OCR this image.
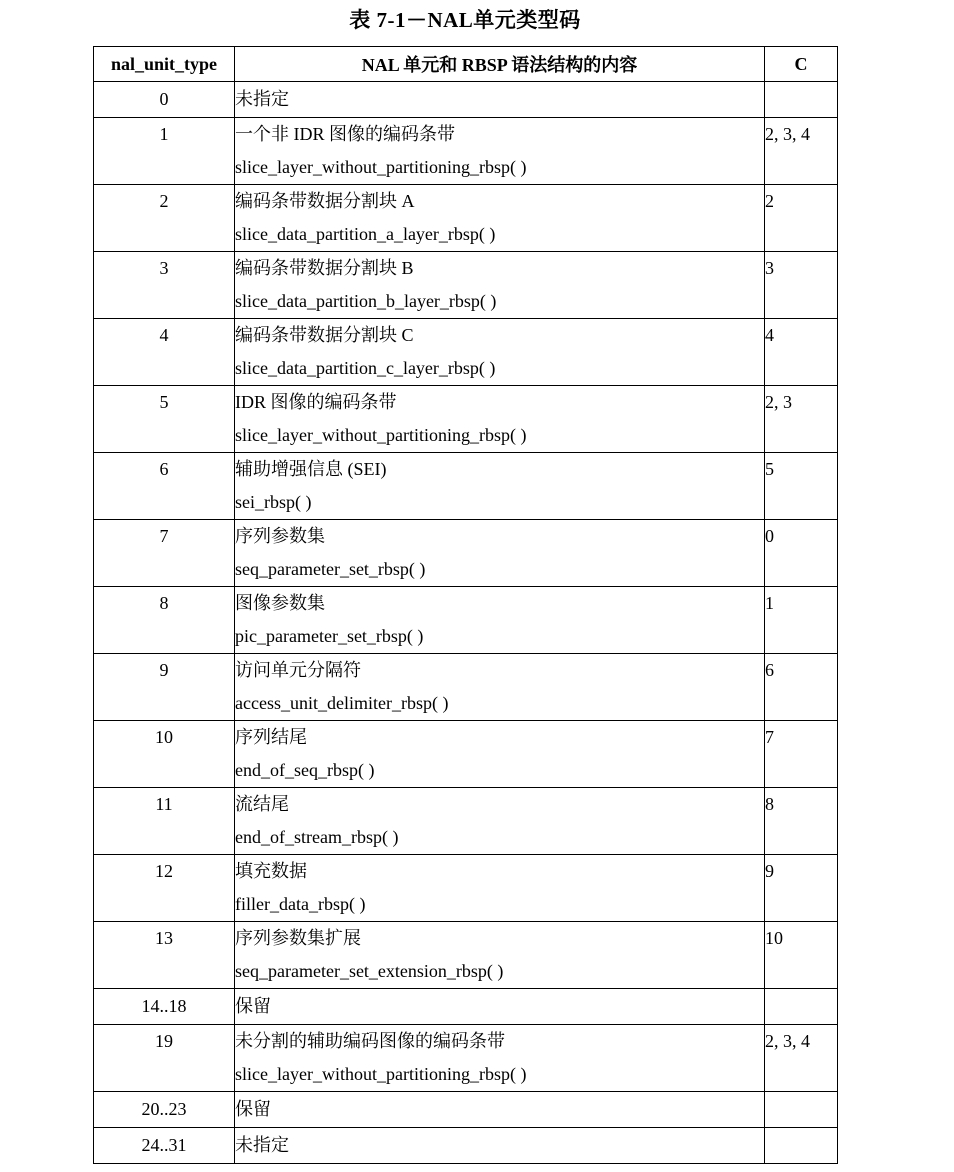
表 7-1－NAL单元类型码
nal_unit_type	NAL 单元和 RBSP 语法结构的内容	C

0	未指定	

1	一个非 IDR 图像的编码条带
slice_layer_without_partitioning_rbsp( )	2, 3, 4

2	编码条带数据分割块 A
slice_data_partition_a_layer_rbsp( )	2

3	编码条带数据分割块 B
slice_data_partition_b_layer_rbsp( )	3

4	编码条带数据分割块 C
slice_data_partition_c_layer_rbsp( )	4

5	IDR 图像的编码条带
slice_layer_without_partitioning_rbsp( )	2, 3

6	辅助增强信息 (SEI)
sei_rbsp( )	5

7	序列参数集
seq_parameter_set_rbsp( )	0

8	图像参数集
pic_parameter_set_rbsp( )	1

9	访问单元分隔符
access_unit_delimiter_rbsp( )	6

10	序列结尾
end_of_seq_rbsp( )	7

11	流结尾
end_of_stream_rbsp( )	8

12	填充数据
filler_data_rbsp( )	9

13	序列参数集扩展
seq_parameter_set_extension_rbsp( )	10

14..18	保留	

19	未分割的辅助编码图像的编码条带
slice_layer_without_partitioning_rbsp( )	2, 3, 4

20..23	保留	

24..31	未指定	
